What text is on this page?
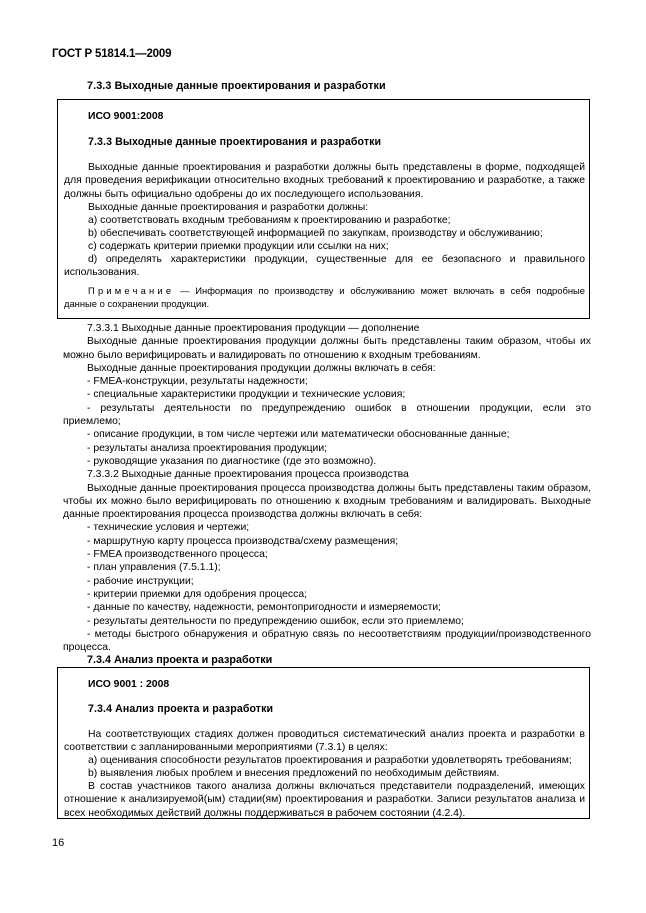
ГОСТ Р 51814.1—2009
7.3.3 Выходные данные проектирования и разработки
ИСО 9001:2008
7.3.3 Выходные данные проектирования и разработки
Выходные данные проектирования и разработки должны быть представлены в форме, подходящей для проведения верификации относительно входных требований к проектированию и разработке, а также должны быть официально одобрены до их последующего использования.
Выходные данные проектирования и разработки должны:
а) соответствовать входным требованиям к проектированию и разработке;
b) обеспечивать соответствующей информацией по закупкам, производству и обслуживанию;
c) содержать критерии приемки продукции или ссылки на них;
d) определять характеристики продукции, существенные для ее безопасного и правильного использования.
Примечание — Информация по производству и обслуживанию может включать в себя подробные данные о сохранении продукции.

7.3.3.1 Выходные данные проектирования продукции — дополнение

Выходные данные проектирования продукции должны быть представлены таким образом, чтобы их можно было верифицировать и валидировать по отношению к входным требованиям.

Выходные данные проектирования продукции должны включать в себя:

- FMEA-конструкции, результаты надежности;

- специальные характеристики продукции и технические условия;

- результаты деятельности по предупреждению ошибок в отношении продукции, если это приемлемо;

- описание продукции, в том числе чертежи или математически обоснованные данные;

- результаты анализа проектирования продукции;

- руководящие указания по диагностике (где это возможно).

7.3.3.2 Выходные данные проектирования процесса производства

Выходные данные проектирования процесса производства должны быть представлены таким образом, чтобы их можно было верифицировать по отношению к входным требованиям и валидировать. Выходные данные проектирования процесса производства должны включать в себя:

- технические условия и чертежи;

- маршрутную карту процесса производства/схему размещения;

- FMEA производственного процесса;

- план управления (7.5.1.1);

- рабочие инструкции;

- критерии приемки для одобрения процесса;

- данные по качеству, надежности, ремонтопригодности и измеряемости;

- результаты деятельности по предупреждению ошибок, если это приемлемо;

- методы быстрого обнаружения и обратную связь по несоответствиям продукции/производственного процесса.

7.3.4 Анализ проекта и разработки

ИСО 9001 : 2008
7.3.4 Анализ проекта и разработки
На соответствующих стадиях должен проводиться систематический анализ проекта и разработки в соответствии с запланированными мероприятиями (7.3.1) в целях:
а) оценивания способности результатов проектирования и разработки удовлетворять требованиям;
b) выявления любых проблем и внесения предложений по необходимым действиям.
В состав участников такого анализа должны включаться представители подразделений, имеющих отношение к анализируемой(ым) стадии(ям) проектирования и разработки. Записи результатов анализа и всех необходимых действий должны поддерживаться в рабочем состоянии (4.2.4).
16
